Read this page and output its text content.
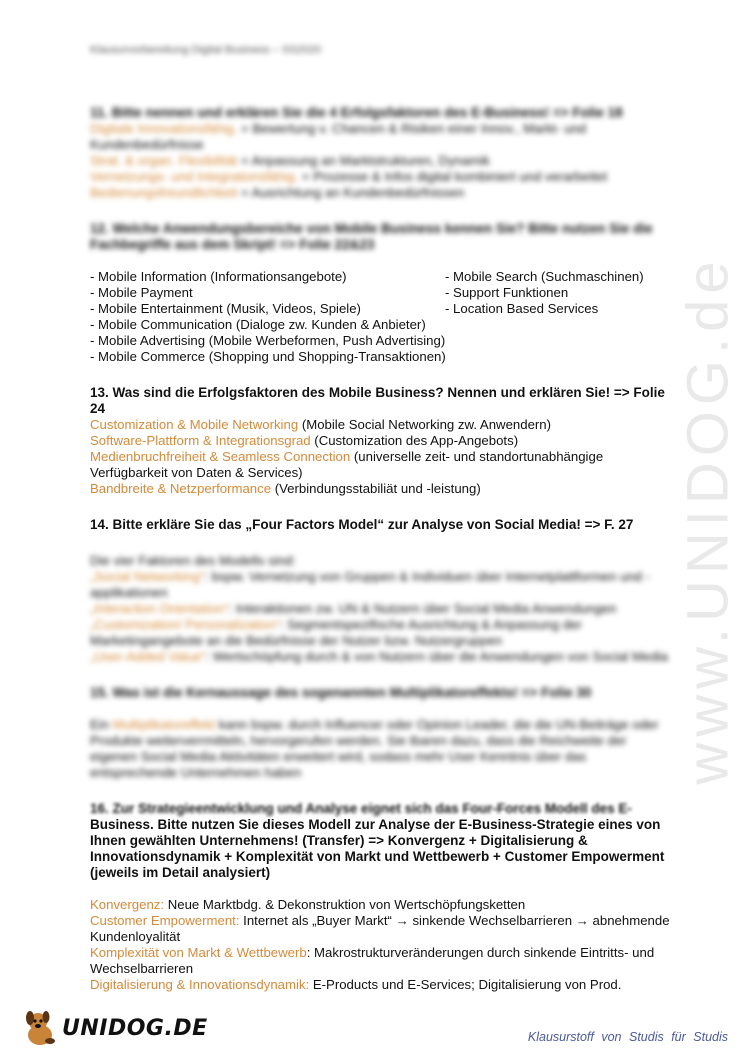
www.UNIDOG.de
Klausurvorbereitung Digital Business – SS2020

11. Bitte nennen und erklären Sie die 4 Erfolgsfaktoren des E-Business! => Folie 18

Digitale Innovationsfähig. = Bewertung v. Chancen & Risiken einer Innov., Markt- und Kundenbedürfnisse

Strat. & organ. Flexibilität = Anpassung an Marktstrukturen, Dynamik

Vernetzungs- und Integrationsfähig. = Prozesse & Infos digital kombiniert und verarbeitet

Bedienungsfreundlichkeit = Ausrichtung an Kundenbedürfnissen

12. Welche Anwendungsbereiche von Mobile Business kennen Sie? Bitte nutzen Sie die Fachbegriffe aus dem Skript! => Folie 22&23

- Mobile Information (Informationsangebote)	- Mobile Search (Suchmaschinen)
- Mobile Payment	- Support Funktionen
- Mobile Entertainment (Musik, Videos, Spiele)	- Location Based Services
- Mobile Communication (Dialoge zw. Kunden & Anbieter)
- Mobile Advertising (Mobile Werbeformen, Push Advertising)
- Mobile Commerce (Shopping und Shopping-Transaktionen)

13. Was sind die Erfolgsfaktoren des Mobile Business? Nennen und erklären Sie! => Folie 24

Customization & Mobile Networking (Mobile Social Networking zw. Anwendern)

Software-Plattform & Integrationsgrad (Customization des App-Angebots)

Medienbruchfreiheit & Seamless Connection (universelle zeit- und standortunabhängige Verfügbarkeit von Daten & Services)

Bandbreite & Netzperformance (Verbindungsstabiliät und -leistung)

14. Bitte erkläre Sie das „Four Factors Model“ zur Analyse von Social Media! => F. 27

Die vier Faktoren des Modells sind:

„Social Networking“: bspw. Vernetzung von Gruppen & Individuen über Internetplattformen und -applikationen

„Interaction Orientation“: Interaktionen zw. UN & Nutzern über Social Media Anwendungen

„Customization/ Personalization“: Segmentspezifische Ausrichtung & Anpassung der Marketingangebote an die Bedürfnisse der Nutzer bzw. Nutzergruppen

„User-Added Value“: Wertschöpfung durch & von Nutzern über die Anwendungen von Social Media

15. Was ist die Kernaussage des sogenannten Multiplikatoreffekts! => Folie 30

Ein Multiplikatoreffekt kann bspw. durch Influencer oder Opinion Leader, die die UN-Beiträge oder Produkte weiterverrmitteln, hervorgerufen werden. Sie tbaren dazu, dass die Reichweite der eigenen Social Media Aktivitäten erweitert wird, sodass mehr User Kenntnis über das entsprechende Unternehmen haben

16. Zur Strategieentwicklung und Analyse eignet sich das Four-Forces Modell des E-

Business. Bitte nutzen Sie dieses Modell zur Analyse der E-Business-Strategie eines von Ihnen gewählten Unternehmens! (Transfer) => Konvergenz + Digitalisierung & Innovationsdynamik + Komplexität von Markt und Wettbewerb + Customer Empowerment (jeweils im Detail analysiert)

Konvergenz: Neue Marktbdg. & Dekonstruktion von Wertschöpfungsketten

Customer Empowerment: Internet als „Buyer Markt“ → sinkende Wechselbarrieren → abnehmende Kundenloyalität

Komplexität von Markt & Wettbewerb: Makrostrukturveränderungen durch sinkende Eintritts- und Wechselbarrieren

Digitalisierung & Innovationsdynamik: E-Products und E-Services; Digitalisierung von Prod.

UNIDOG.DE	Klausurstoff von Studis für Studis
